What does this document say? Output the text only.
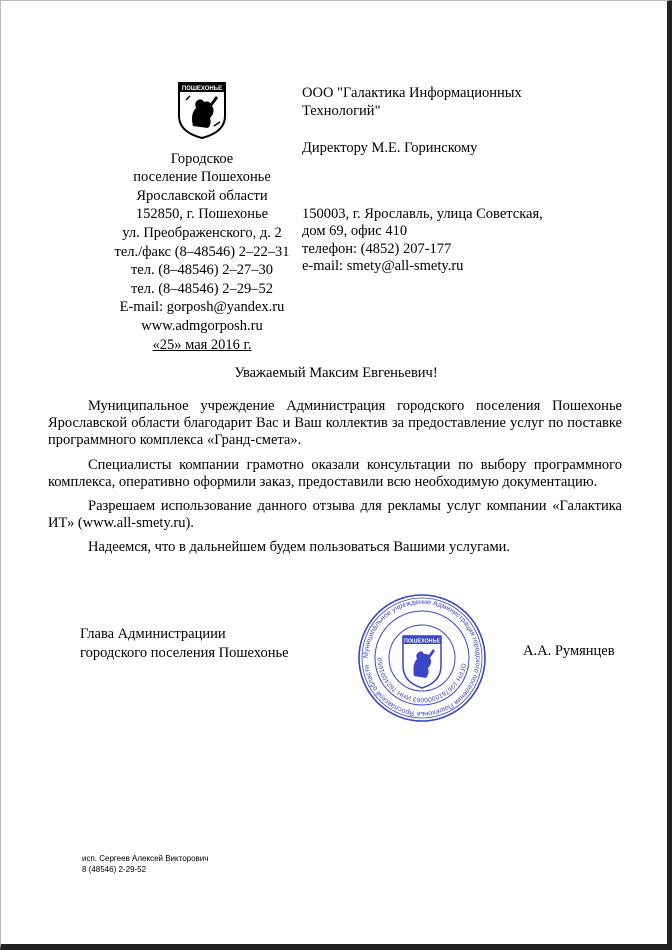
ПОШЕХОНЬЕ
Городское
поселение Пошехонье
Ярославской области
152850, г. Пошехонье
ул. Преображенского, д. 2
тел./факс (8–48546) 2–22–31
тел. (8–48546) 2–27–30
тел. (8–48546) 2–29–52
E-mail: gorposh@yandex.ru
www.admgorposh.ru
«25» мая 2016 г.
ООО "Галактика Информационных
Технологий"
Директору М.Е. Горинскому
150003, г. Ярославль, улица Советская,
дом 69, офис 410
телефон: (4852) 207-177
e-mail: smety@all-smety.ru
Уважаемый Максим Евгеньевич!

Муниципальное учреждение Администрация городского поселения Пошехонье Ярославской области благодарит Вас и Ваш коллектив за предоставление услуг по поставке программного комплекса «Гранд-смета».

Специалисты компании грамотно оказали консультации по выбору программного комплекса, оперативно оформили заказ, предоставили всю необходимую документацию.

Разрешаем использование данного отзыва для рекламы услуг компании «Галактика ИТ» (www.all-smety.ru).

Надеемся, что в дальнейшем будем пользоваться Вашими услугами.

Глава Администрациии
городского поселения Пошехонье	Муниципальное учреждение Администрация городского поселения Пошехонье Ярославской области	ОГРН 1067610000063 ИНН 7624001050
ПОШЕХОНЬЕ
А.А. Румянцев
исп. Сергеев Алексей Викторович
8 (48546) 2-29-52
